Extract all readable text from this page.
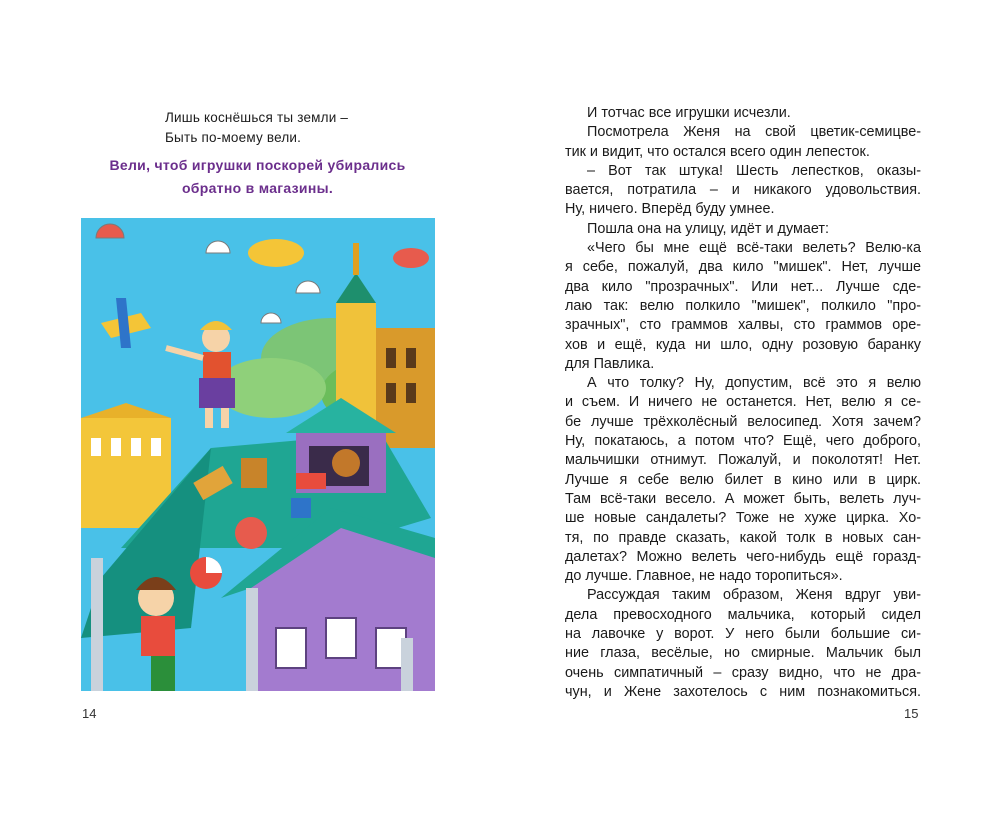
Лишь коснёшься ты земли –
Быть по-моему вели.
Вели, чтоб игрушки поскорей убирались
обратно в магазины.
14
И тотчас все игрушки исчезли.
Посмотрела Женя на свой цветик-семицве-
тик и видит, что остался всего один лепесток.
– Вот так штука! Шесть лепестков, оказы-
вается, потратила – и никакого удовольствия.
Ну, ничего. Вперёд буду умнее.
Пошла она на улицу, идёт и думает:
«Чего бы мне ещё всё-таки велеть? Велю-ка
я себе, пожалуй, два кило "мишек". Нет, лучше
два кило "прозрачных". Или нет... Лучше сде-
лаю так: велю полкило "мишек", полкило "про-
зрачных", сто граммов халвы, сто граммов оре-
хов и ещё, куда ни шло, одну розовую баранку
для Павлика.
А что толку? Ну, допустим, всё это я велю
и съем. И ничего не останется. Нет, велю я се-
бе лучше трёхколёсный велосипед. Хотя зачем?
Ну, покатаюсь, а потом что? Ещё, чего доброго,
мальчишки отнимут. Пожалуй, и поколотят! Нет.
Лучше я себе велю билет в кино или в цирк.
Там всё-таки весело. А может быть, велеть луч-
ше новые сандалеты? Тоже не хуже цирка. Хо-
тя, по правде сказать, какой толк в новых сан-
далетах? Можно велеть чего-нибудь ещё горазд-
до лучше. Главное, не надо торопиться».
Рассуждая таким образом, Женя вдруг уви-
дела превосходного мальчика, который сидел
на лавочке у ворот. У него были большие си-
ние глаза, весёлые, но смирные. Мальчик был
очень симпатичный – сразу видно, что не дра-
чун, и Жене захотелось с ним познакомиться.
15
